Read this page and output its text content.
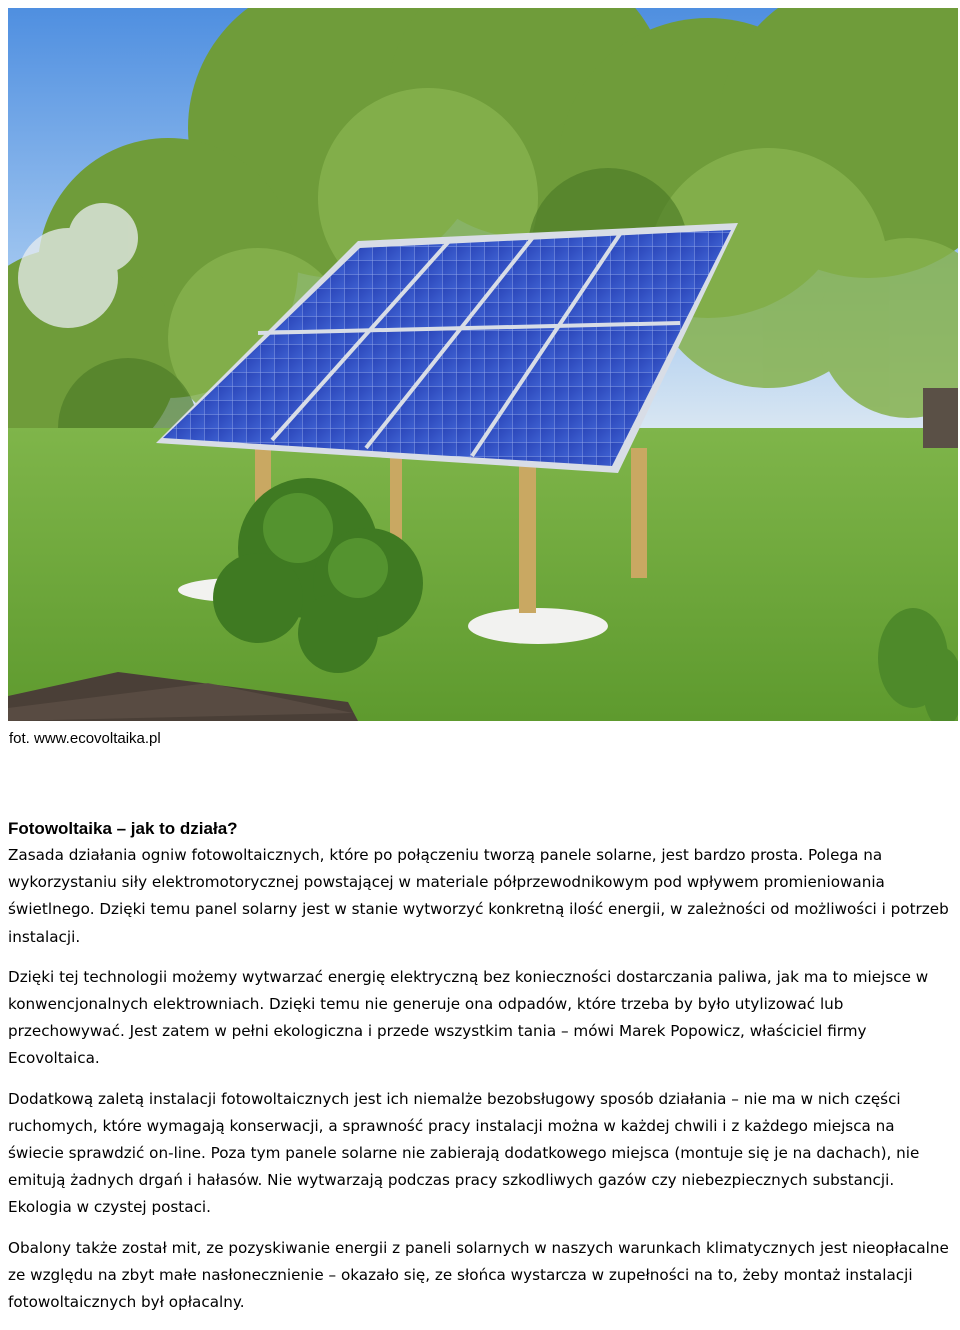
fot. www.ecovoltaika.pl
Fotowoltaika – jak to działa?

Zasada działania ogniw fotowoltaicznych, które po połączeniu tworzą panele solarne, jest bardzo prosta. Polega na wykorzystaniu siły elektromotorycznej powstającej w materiale półprzewodnikowym pod wpływem promieniowania świetlnego. Dzięki temu panel solarny jest w stanie wytworzyć konkretną ilość energii, w zależności od możliwości i potrzeb instalacji.

Dzięki tej technologii możemy wytwarzać energię elektryczną bez konieczności dostarczania paliwa, jak ma to miejsce w konwencjonalnych elektrowniach. Dzięki temu nie generuje ona odpadów, które trzeba by było utylizować lub przechowywać. Jest zatem w pełni ekologiczna i przede wszystkim tania – mówi Marek Popowicz, właściciel firmy Ecovoltaica.

Dodatkową zaletą instalacji fotowoltaicznych jest ich niemalże bezobsługowy sposób działania – nie ma w nich części ruchomych, które wymagają konserwacji, a sprawność pracy instalacji można w każdej chwili i z każdego miejsca na świecie sprawdzić on-line. Poza tym panele solarne nie zabierają dodatkowego miejsca (montuje się je na dachach), nie emitują żadnych drgań i hałasów. Nie wytwarzają podczas pracy szkodliwych gazów czy niebezpiecznych substancji. Ekologia w czystej postaci.

Obalony także został mit, ze pozyskiwanie energii z paneli solarnych w naszych warunkach klimatycznych jest nieopłacalne ze względu na zbyt małe nasłonecznienie – okazało się, ze słońca wystarcza w zupełności na to, żeby montaż instalacji fotowoltaicznych był opłacalny.
